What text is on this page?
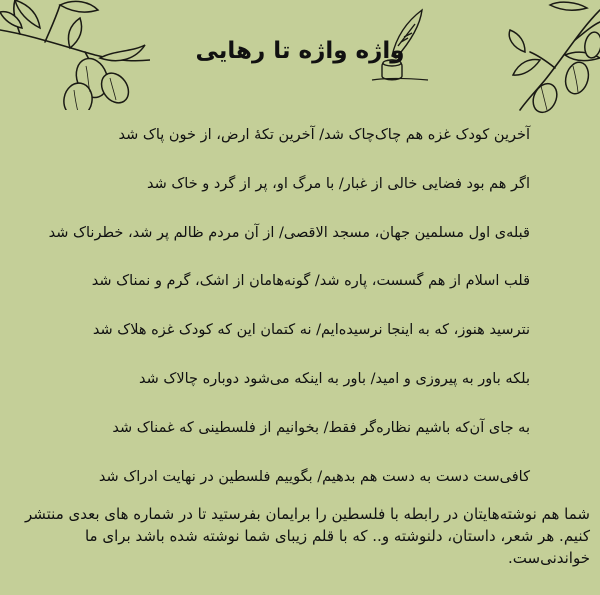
واژه واژه تا رهایی
آخرین کودک غزه هم چاک‌چاک شد/ آخرین تکهٔ ارض، از خون پاک شد
اگر هم بود فضایی خالی از غبار/ با مرگ او، پر از گرد و خاک شد
قبله‌ی اول مسلمین جهان، مسجد الاقصی/ از آن مردم ظالم پر شد، خطرناک شد
قلب اسلام از هم گسست، پاره شد/ گونه‌هامان از اشک، گرم و نمناک شد
نترسید هنوز، که به اینجا نرسیده‌ایم/ نه کتمان این که کودک غزه هلاک شد
بلکه باور به پیروزی و امید/ باور به اینکه می‌شود دوباره چالاک شد
به جای آن‌که باشیم نظاره‌گر فقط/ بخوانیم از فلسطینی که غمناک شد
کافی‌ست دست به دست هم بدهیم/ بگوییم فلسطین در نهایت ادراک شد
شما هم نوشته‌هایتان در رابطه با فلسطین را برایمان بفرستید تا در شماره های بعدی منتشر کنیم. هر شعر، داستان، دلنوشته و.. که با قلم زیبای شما نوشته شده باشد برای ما خواندنی‌ست.
